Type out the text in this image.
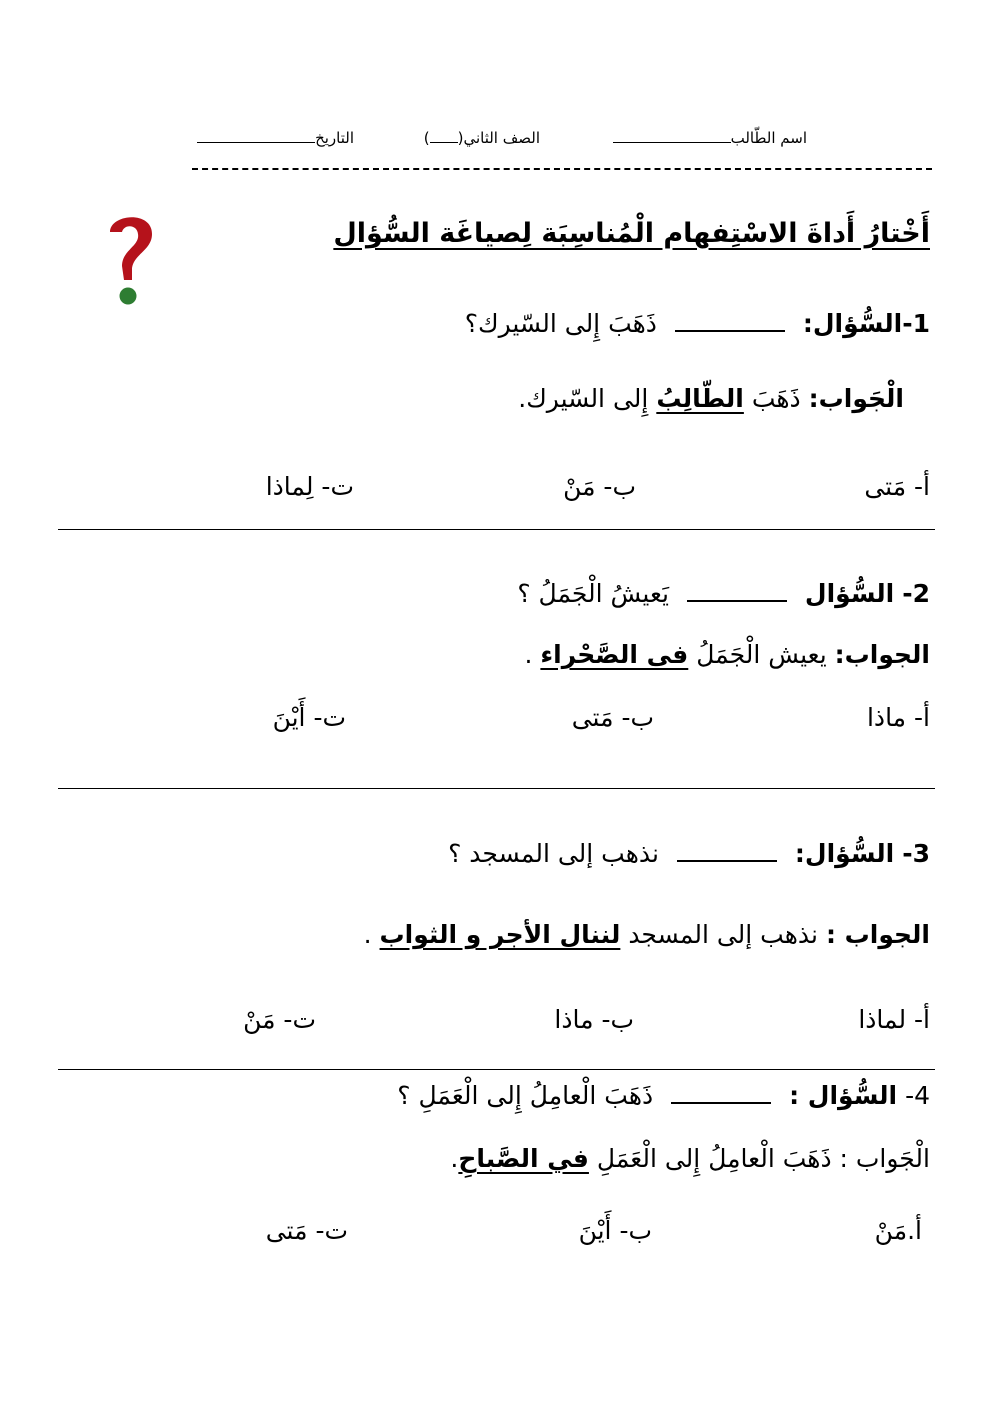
اسم الطّالب
الصف الثاني()
التاريخ
أَخْتارُ أَداةَ الاسْتِفهام الْمُناسِبَة لِصياغَة السُّؤال
1-السُّؤال:  ذَهَبَ إِلى السّيرك؟
الْجَواب: ذَهَبَ الطّالِبُ إِلى السّيرك.
أ- مَتى
ب- مَنْ
ت- لِماذا
2- السُّؤال  يَعيشُ الْجَمَلُ ؟
الجواب: يعيش الْجَمَلُ فى الصَّحْراء .
أ- ماذا
ب- مَتى
ت- أَيْنَ
3- السُّؤال:  نذهب إلى المسجد ؟
الجواب : نذهب إلى المسجد لننال الأجر و الثواب .
أ- لماذا
ب- ماذا
ت- مَنْ
4- السُّؤال :  ذَهَبَ الْعامِلُ إِلى الْعَمَلِ ؟
الْجَواب : ذَهَبَ الْعامِلُ إِلى الْعَمَلِ في الصَّباحِ.
أ.مَنْ
ب- أَيْنَ
ت- مَتى
